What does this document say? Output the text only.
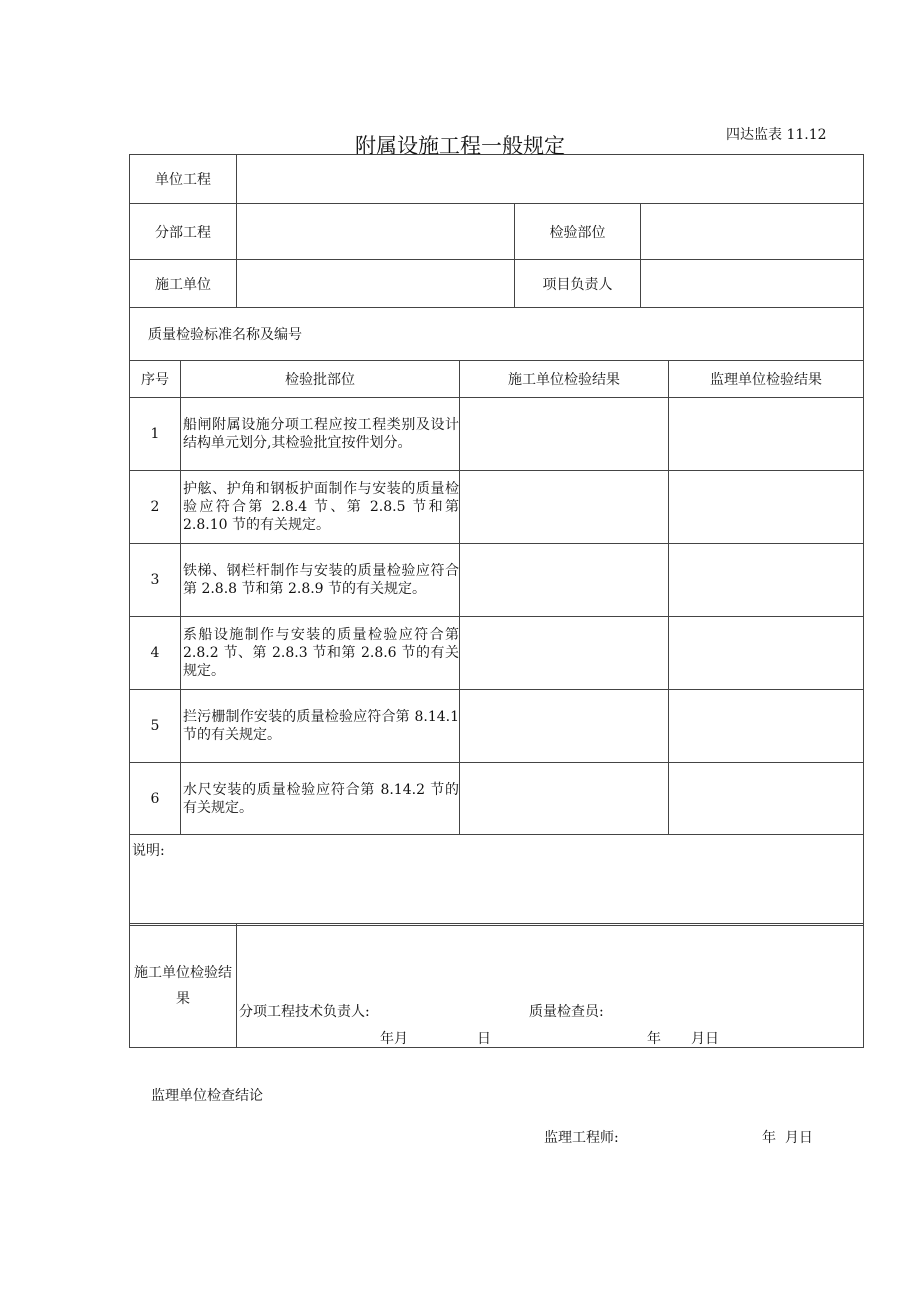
四达监表 11.12
附属设施工程一般规定
单位工程			
分部工程		检验部位	
施工单位		项目负责人	
质量检验标准名称及编号			
序号	检验批部位	施工单位检验结果	监理单位检验结果
1	船闸附属设施分项工程应按工程类别及设计结构单元划分,其检验批宜按件划分。		
2	护舷、护角和钢板护面制作与安装的质量检验应符合第 2.8.4 节、第 2.8.5 节和第 2.8.10 节的有关规定。		
3	铁梯、钢栏杆制作与安装的质量检验应符合第 2.8.8 节和第 2.8.9 节的有关规定。		
4	系船设施制作与安装的质量检验应符合第 2.8.2 节、第 2.8.3 节和第 2.8.6 节的有关规定。		
5	拦污栅制作安装的质量检验应符合第 8.14.1 节的有关规定。		
6	水尺安装的质量检验应符合第 8.14.2 节的有关规定。		
说明:			
施工单位检验结果	
分项工程技术负责人:	质量检查员:
年月	日	年 月日
监理单位检查结论
监理工程师:	年  月日
